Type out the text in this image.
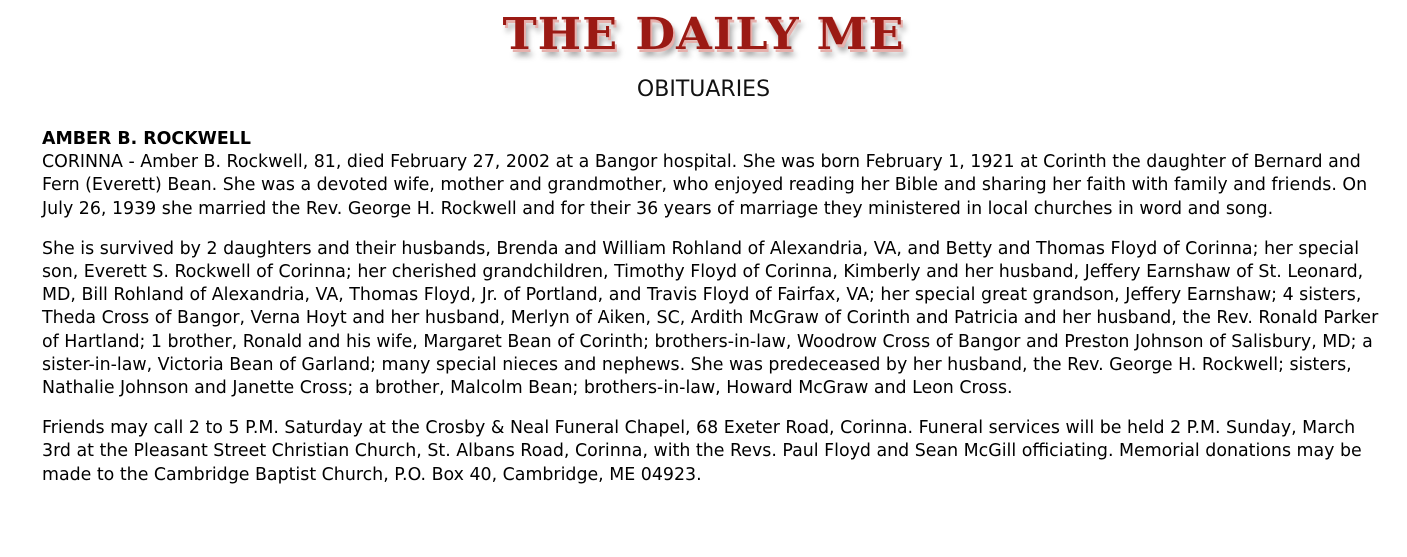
THE DAILY ME
OBITUARIES

AMBER B. ROCKWELL

CORINNA - Amber B. Rockwell, 81, died February 27, 2002 at a Bangor hospital. She was born February 1, 1921 at Corinth the daughter of Bernard and Fern (Everett) Bean. She was a devoted wife, mother and grandmother, who enjoyed reading her Bible and sharing her faith with family and friends. On July 26, 1939 she married the Rev. George H. Rockwell and for their 36 years of marriage they ministered in local churches in word and song.

She is survived by 2 daughters and their husbands, Brenda and William Rohland of Alexandria, VA, and Betty and Thomas Floyd of Corinna; her special son, Everett S. Rockwell of Corinna; her cherished grandchildren, Timothy Floyd of Corinna, Kimberly and her husband, Jeffery Earnshaw of St. Leonard, MD, Bill Rohland of Alexandria, VA, Thomas Floyd, Jr. of Portland, and Travis Floyd of Fairfax, VA; her special great grandson, Jeffery Earnshaw; 4 sisters, Theda Cross of Bangor, Verna Hoyt and her husband, Merlyn of Aiken, SC, Ardith McGraw of Corinth and Patricia and her husband, the Rev. Ronald Parker of Hartland; 1 brother, Ronald and his wife, Margaret Bean of Corinth; brothers-in-law, Woodrow Cross of Bangor and Preston Johnson of Salisbury, MD; a sister-in-law, Victoria Bean of Garland; many special nieces and nephews. She was predeceased by her husband, the Rev. George H. Rockwell; sisters, Nathalie Johnson and Janette Cross; a brother, Malcolm Bean; brothers-in-law, Howard McGraw and Leon Cross.

Friends may call 2 to 5 P.M. Saturday at the Crosby & Neal Funeral Chapel, 68 Exeter Road, Corinna. Funeral services will be held 2 P.M. Sunday, March 3rd at the Pleasant Street Christian Church, St. Albans Road, Corinna, with the Revs. Paul Floyd and Sean McGill officiating. Memorial donations may be made to the Cambridge Baptist Church, P.O. Box 40, Cambridge, ME 04923.
